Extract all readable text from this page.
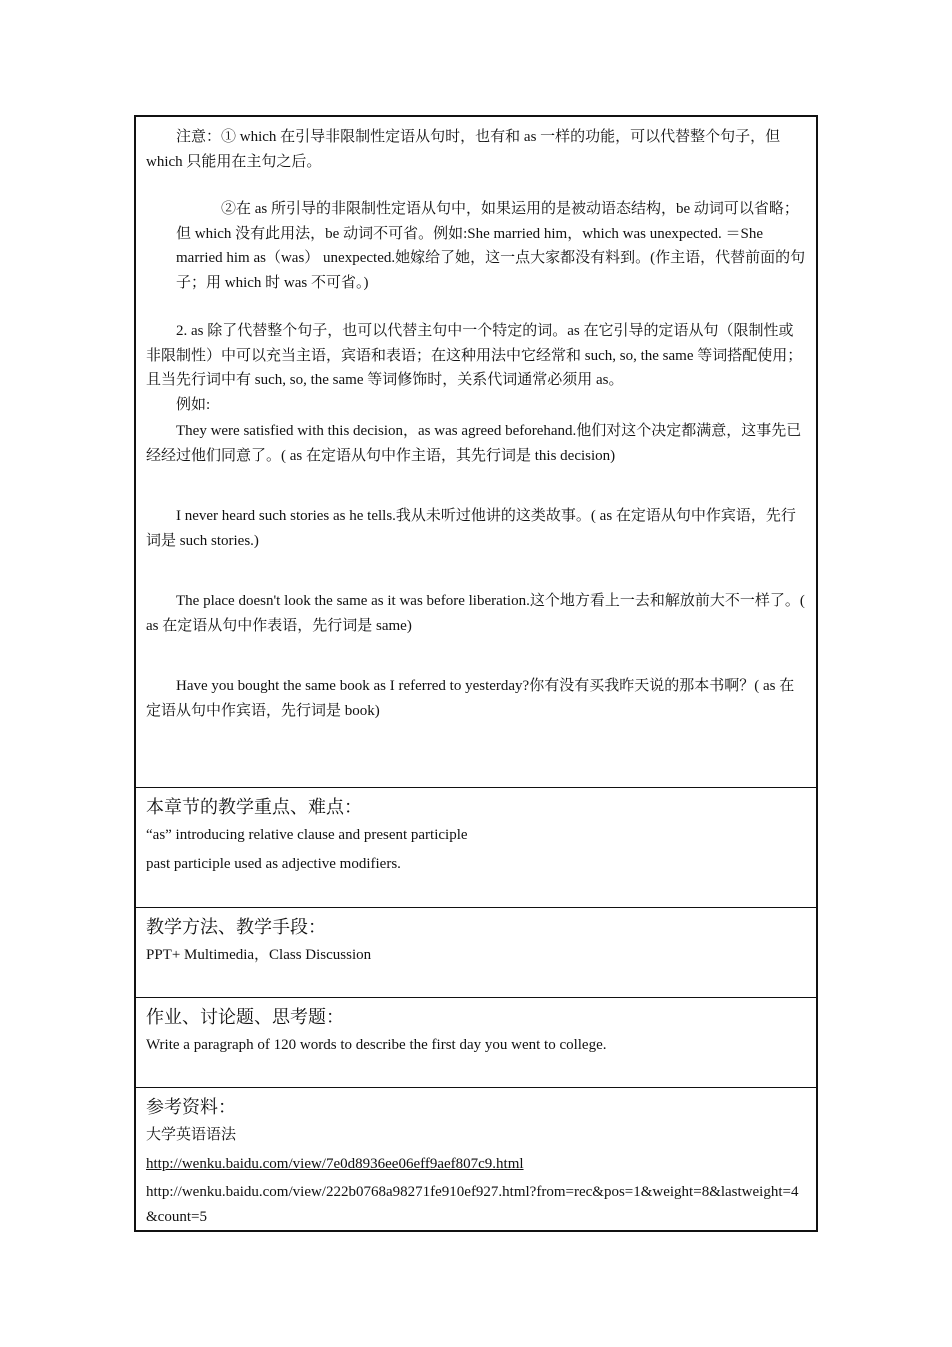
注意：① which 在引导非限制性定语从句时，也有和 as 一样的功能，可以代替整个句子，但 which 只能用在主句之后。

②在 as 所引导的非限制性定语从句中，如果运用的是被动语态结构，be 动词可以省略；但 which 没有此用法，be 动词不可省。例如:She married him，which was unexpected. ＝She married him as（was） unexpected.她嫁给了她，这一点大家都没有料到。(作主语，代替前面的句子；用 which 时 was 不可省。)

2. as 除了代替整个句子，也可以代替主句中一个特定的词。as 在它引导的定语从句（限制性或非限制性）中可以充当主语，宾语和表语；在这种用法中它经常和 such, so, the same 等词搭配使用；且当先行词中有 such, so, the same 等词修饰时，关系代词通常必须用 as。

例如:

They were satisfied with this decision，as was agreed beforehand.他们对这个决定都满意，这事先已经经过他们同意了。( as 在定语从句中作主语，其先行词是 this decision)

I never heard such stories as he tells.我从未听过他讲的这类故事。( as 在定语从句中作宾语，先行词是 such stories.)

The place doesn't look the same as it was before liberation.这个地方看上一去和解放前大不一样了。( as 在定语从句中作表语，先行词是 same)

Have you bought the same book as I referred to yesterday?你有没有买我昨天说的那本书啊？( as 在定语从句中作宾语，先行词是 book)

本章节的教学重点、难点：

“as” introducing relative clause and present participle

past participle used as adjective modifiers.

教学方法、教学手段：

PPT+ Multimedia，Class Discussion

作业、讨论题、思考题：

Write a paragraph of 120 words to describe the first day you went to college.

参考资料：

大学英语语法

http://wenku.baidu.com/view/7e0d8936ee06eff9aef807c9.html

http://wenku.baidu.com/view/222b0768a98271fe910ef927.html?from=rec&pos=1&weight=8&lastweight=4&count=5
